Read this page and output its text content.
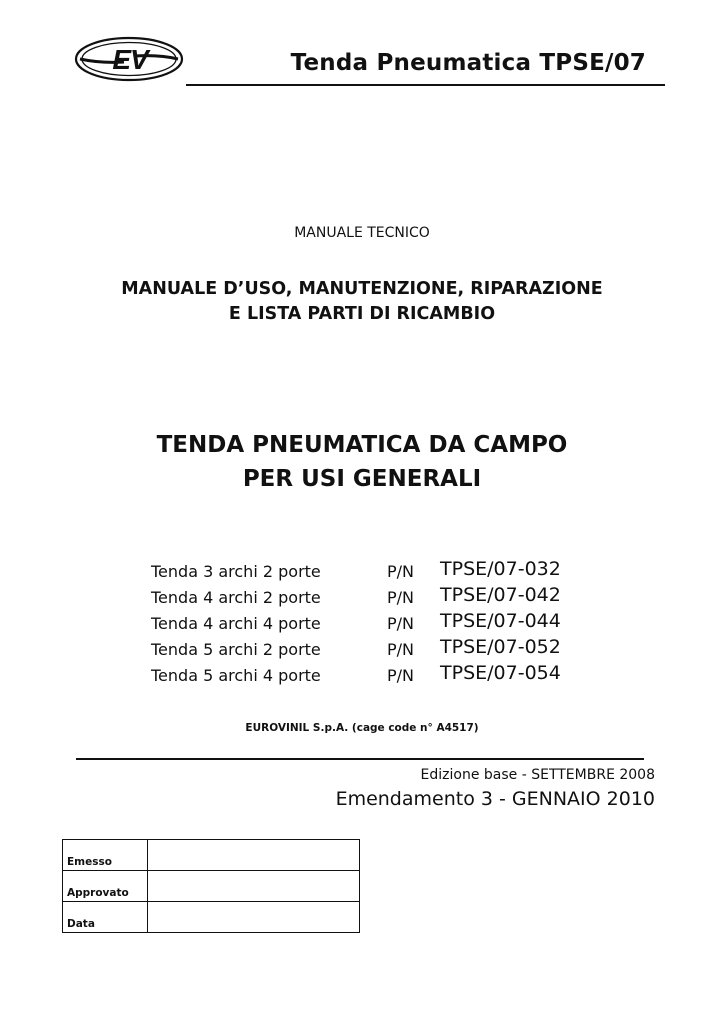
EV	Tenda Pneumatica TPSE/07
MANUALE TECNICO
MANUALE D’USO, MANUTENZIONE, RIPARAZIONE
E LISTA PARTI DI RICAMBIO
TENDA PNEUMATICA DA CAMPO
PER USI GENERALI
Tenda 3 archi 2 porte	P/N TPSE/07-032
Tenda 4 archi 2 porte	P/N TPSE/07-042
Tenda 4 archi 4 porte	P/N TPSE/07-044
Tenda 5 archi 2 porte	P/N TPSE/07-052
Tenda 5 archi 4 porte	P/N TPSE/07-054
EUROVINIL S.p.A. (cage code n° A4517)
Edizione base - SETTEMBRE 2008
Emendamento 3 - GENNAIO 2010
Emesso	
Approvato	
Data	
